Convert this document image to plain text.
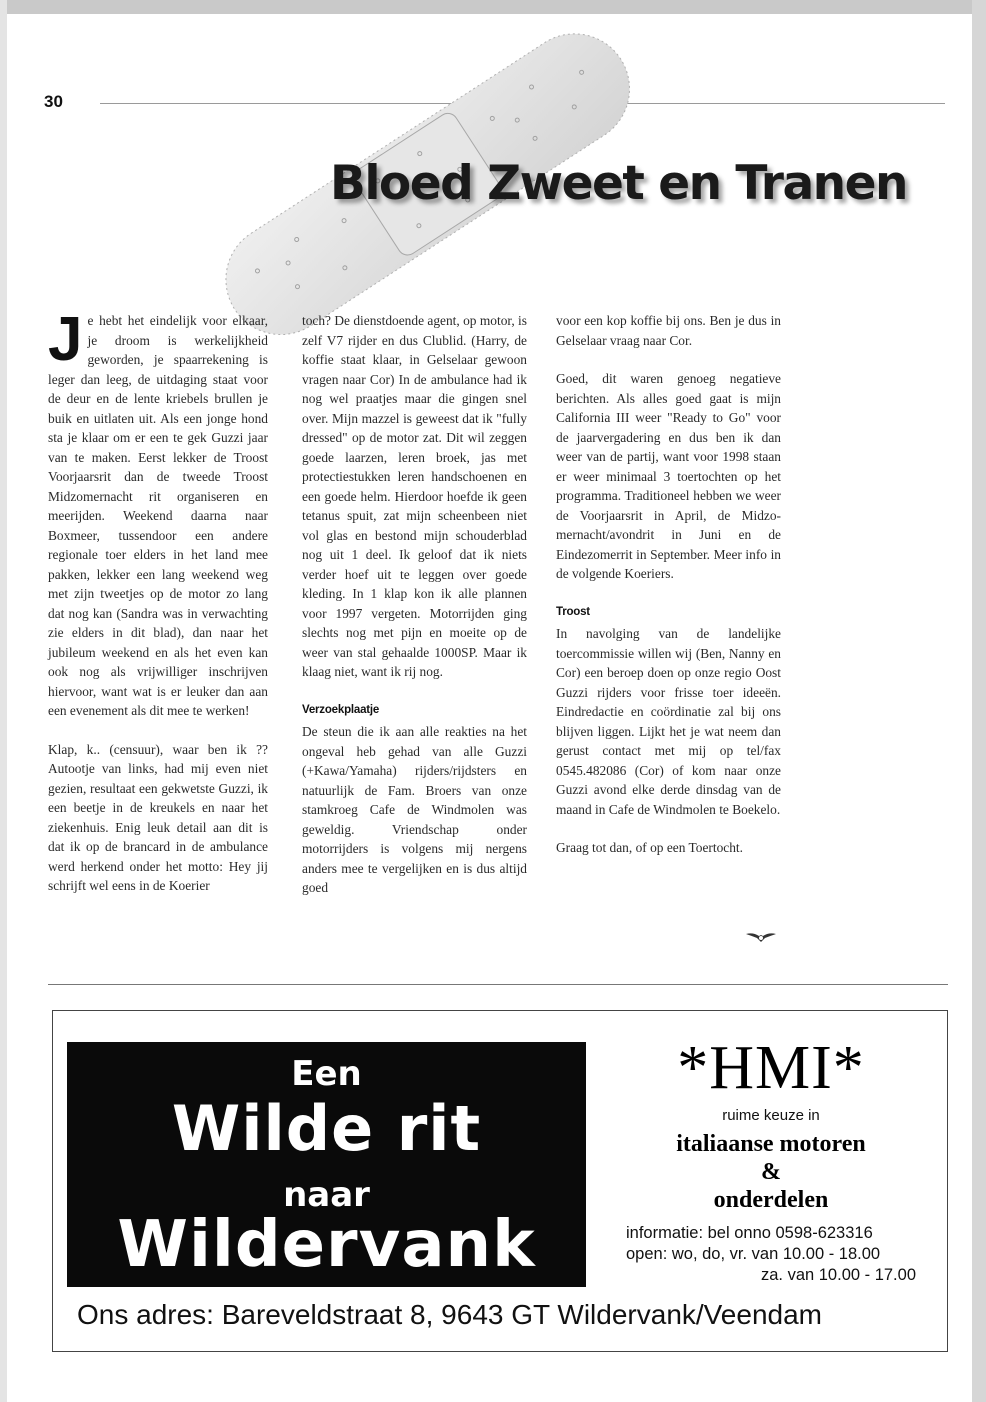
30
Bloed Zweet en Tranen

Je hebt het eindelijk voor elkaar, je droom is werkelijkheid geworden, je spaarrekening is leger dan leeg, de uitdaging staat voor de deur en de lente kriebels brullen je buik en uitlaten uit. Als een jonge hond sta je klaar om er een te gek Guzzi jaar van te maken. Eerst lekker de Troost Voorjaarsrit dan de tweede Troost Midzomernacht rit organiseren en meerijden. Weekend daarna naar Boxmeer, tussendoor een andere regionale toer elders in het land mee pakken, lekker een lang weekend weg met zijn tweetjes op de motor zo lang dat nog kan (Sandra was in verwachting zie elders in dit blad), dan naar het jubileum weekend en als het even kan ook nog als vrijwilliger inschrijven hiervoor, want wat is er leuker dan aan een evenement als dit mee te werken!

Klap, k.. (censuur), waar ben ik ?? Autootje van links, had mij even niet gezien, resultaat een gekwetste Guzzi, ik een beetje in de kreukels en naar het ziekenhuis. Enig leuk detail aan dit is dat ik op de brancard in de ambulance werd herkend onder het motto: Hey jij schrijft wel eens in de Koerier

toch? De dienstdoende agent, op motor, is zelf V7 rijder en dus Clublid. (Harry, de koffie staat klaar, in Gelselaar gewoon vragen naar Cor) In de ambulance had ik nog wel praatjes maar die gingen snel over. Mijn mazzel is geweest dat ik "fully dressed" op de motor zat. Dit wil zeggen goede laarzen, leren broek, jas met protectiestukken leren handschoenen en een goede helm. Hierdoor hoefde ik geen tetanus spuit, zat mijn scheenbeen niet vol glas en bestond mijn schouderblad nog uit 1 deel. Ik geloof dat ik niets verder hoef uit te leggen over goede kleding. In 1 klap kon ik alle plannen voor 1997 vergeten. Motorrijden ging slechts nog met pijn en moeite op de weer van stal gehaalde 1000SP. Maar ik klaag niet, want ik rij nog.

Verzoekplaatje

De steun die ik aan alle reakties na het ongeval heb gehad van alle Guzzi (+Kawa/Yamaha) rijders/rijdsters en natuurlijk de Fam. Broers van onze stamkroeg Cafe de Windmolen was geweldig. Vriendschap onder motorrijders is volgens mij nergens anders mee te vergelijken en is dus altijd goed

voor een kop koffie bij ons. Ben je dus in Gelselaar vraag naar Cor.

Goed, dit waren genoeg negatieve berichten. Als alles goed gaat is mijn California III weer "Ready to Go" voor de jaarvergadering en dus ben ik dan weer van de partij, want voor 1998 staan er weer minimaal 3 toertochten op het programma. Traditioneel hebben we weer de Voorjaarsrit in April, de Midzo-mernacht/avondrit in Juni en de Eindezomerrit in September. Meer info in de volgende Koeriers.

Troost

In navolging van de landelijke toercommissie willen wij (Ben, Nanny en Cor) een beroep doen op onze regio Oost Guzzi rijders voor frisse toer ideeën. Eindredactie en coördinatie zal bij ons blijven liggen. Lijkt het je wat neem dan gerust contact met mij op tel/fax 0545.482086 (Cor) of kom naar onze Guzzi avond elke derde dinsdag van de maand in Cafe de Windmolen te Boekelo.

Graag tot dan, of op een Toertocht.

Een
Wilde rit
naar
Wildervank
*HMI*
ruime keuze in
italiaanse motoren
&
onderdelen
informatie: bel onno 0598-623316
open: wo, do, vr. van 10.00 - 18.00
za. van 10.00 - 17.00
Ons adres: Bareveldstraat 8, 9643 GT Wildervank/Veendam
